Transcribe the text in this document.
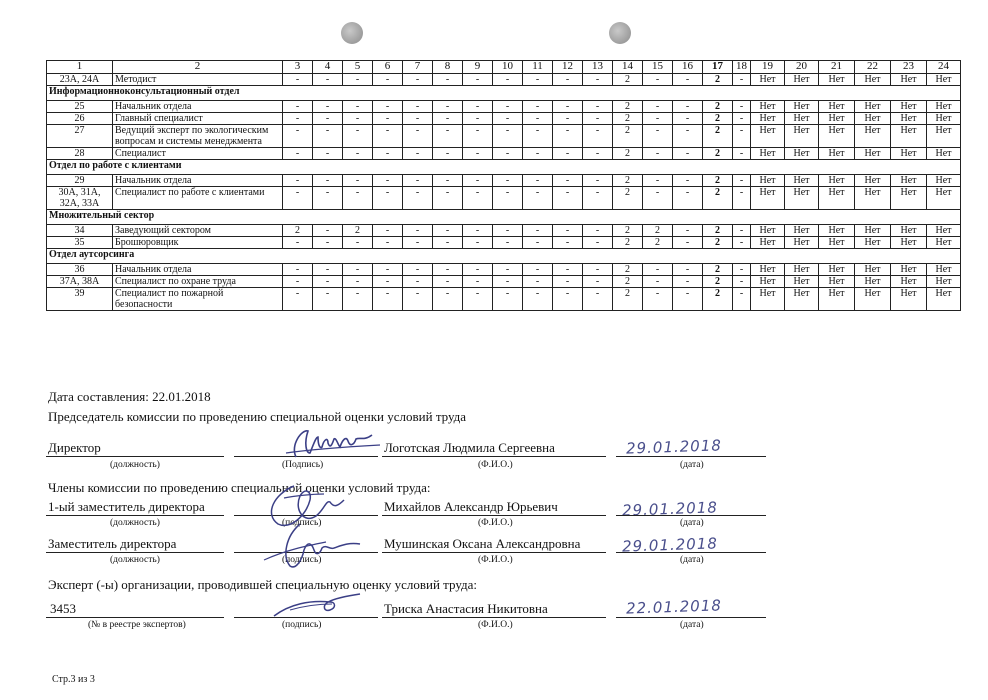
1	2	3	4	5	6	7	8	9	10	11	12	13	14	15	16	17	18	19	20	21	22	23	24
23А, 24А	Методист	-	-	-	-	-	-	-	-	-	-	-	2	-	-	2	-	Нет	Нет	Нет	Нет	Нет	Нет
Информационноконсультационный отдел																							
25	Начальник отдела	-	-	-	-	-	-	-	-	-	-	-	2	-	-	2	-	Нет	Нет	Нет	Нет	Нет	Нет
26	Главный специалист	-	-	-	-	-	-	-	-	-	-	-	2	-	-	2	-	Нет	Нет	Нет	Нет	Нет	Нет
27	Ведущий эксперт по экологическим вопросам и системы менеджмента	-	-	-	-	-	-	-	-	-	-	-	2	-	-	2	-	Нет	Нет	Нет	Нет	Нет	Нет
28	Специалист	-	-	-	-	-	-	-	-	-	-	-	2	-	-	2	-	Нет	Нет	Нет	Нет	Нет	Нет
Отдел по работе с клиентами																							
29	Начальник отдела	-	-	-	-	-	-	-	-	-	-	-	2	-	-	2	-	Нет	Нет	Нет	Нет	Нет	Нет
30А, 31А, 32А, 33А	Специалист по работе с клиентами	-	-	-	-	-	-	-	-	-	-	-	2	-	-	2	-	Нет	Нет	Нет	Нет	Нет	Нет
Множительный сектор																							
34	Заведующий сектором	2	-	2	-	-	-	-	-	-	-	-	2	2	-	2	-	Нет	Нет	Нет	Нет	Нет	Нет
35	Брошюровщик	-	-	-	-	-	-	-	-	-	-	-	2	2	-	2	-	Нет	Нет	Нет	Нет	Нет	Нет
Отдел аутсорсинга																							
36	Начальник отдела	-	-	-	-	-	-	-	-	-	-	-	2	-	-	2	-	Нет	Нет	Нет	Нет	Нет	Нет
37А, 38А	Специалист по охране труда	-	-	-	-	-	-	-	-	-	-	-	2	-	-	2	-	Нет	Нет	Нет	Нет	Нет	Нет
39	Специалист по пожарной безопасности	-	-	-	-	-	-	-	-	-	-	-	2	-	-	2	-	Нет	Нет	Нет	Нет	Нет	Нет
Дата составления: 22.01.2018
Председатель комиссии по проведению специальной оценки условий труда
Директор	Логотская Людмила Сергеевна	29.01.2018
(должность)	(Подпись)	(Ф.И.О.)	(дата)
Члены комиссии по проведению специальной оценки условий труда:
1-ый заместитель директора	Михайлов Александр Юрьевич	29.01.2018
(должность)	(подпись)	(Ф.И.О.)	(дата)
Заместитель директора	Мушинская Оксана Александровна	29.01.2018
(должность)	(подпись)	(Ф.И.О.)	(дата)
Эксперт (-ы) организации, проводившей специальную оценку условий труда:
3453	Триска Анастасия Никитовна	22.01.2018
(№ в реестре экспертов)	(подпись)	(Ф.И.О.)	(дата)
Стр.3 из 3
